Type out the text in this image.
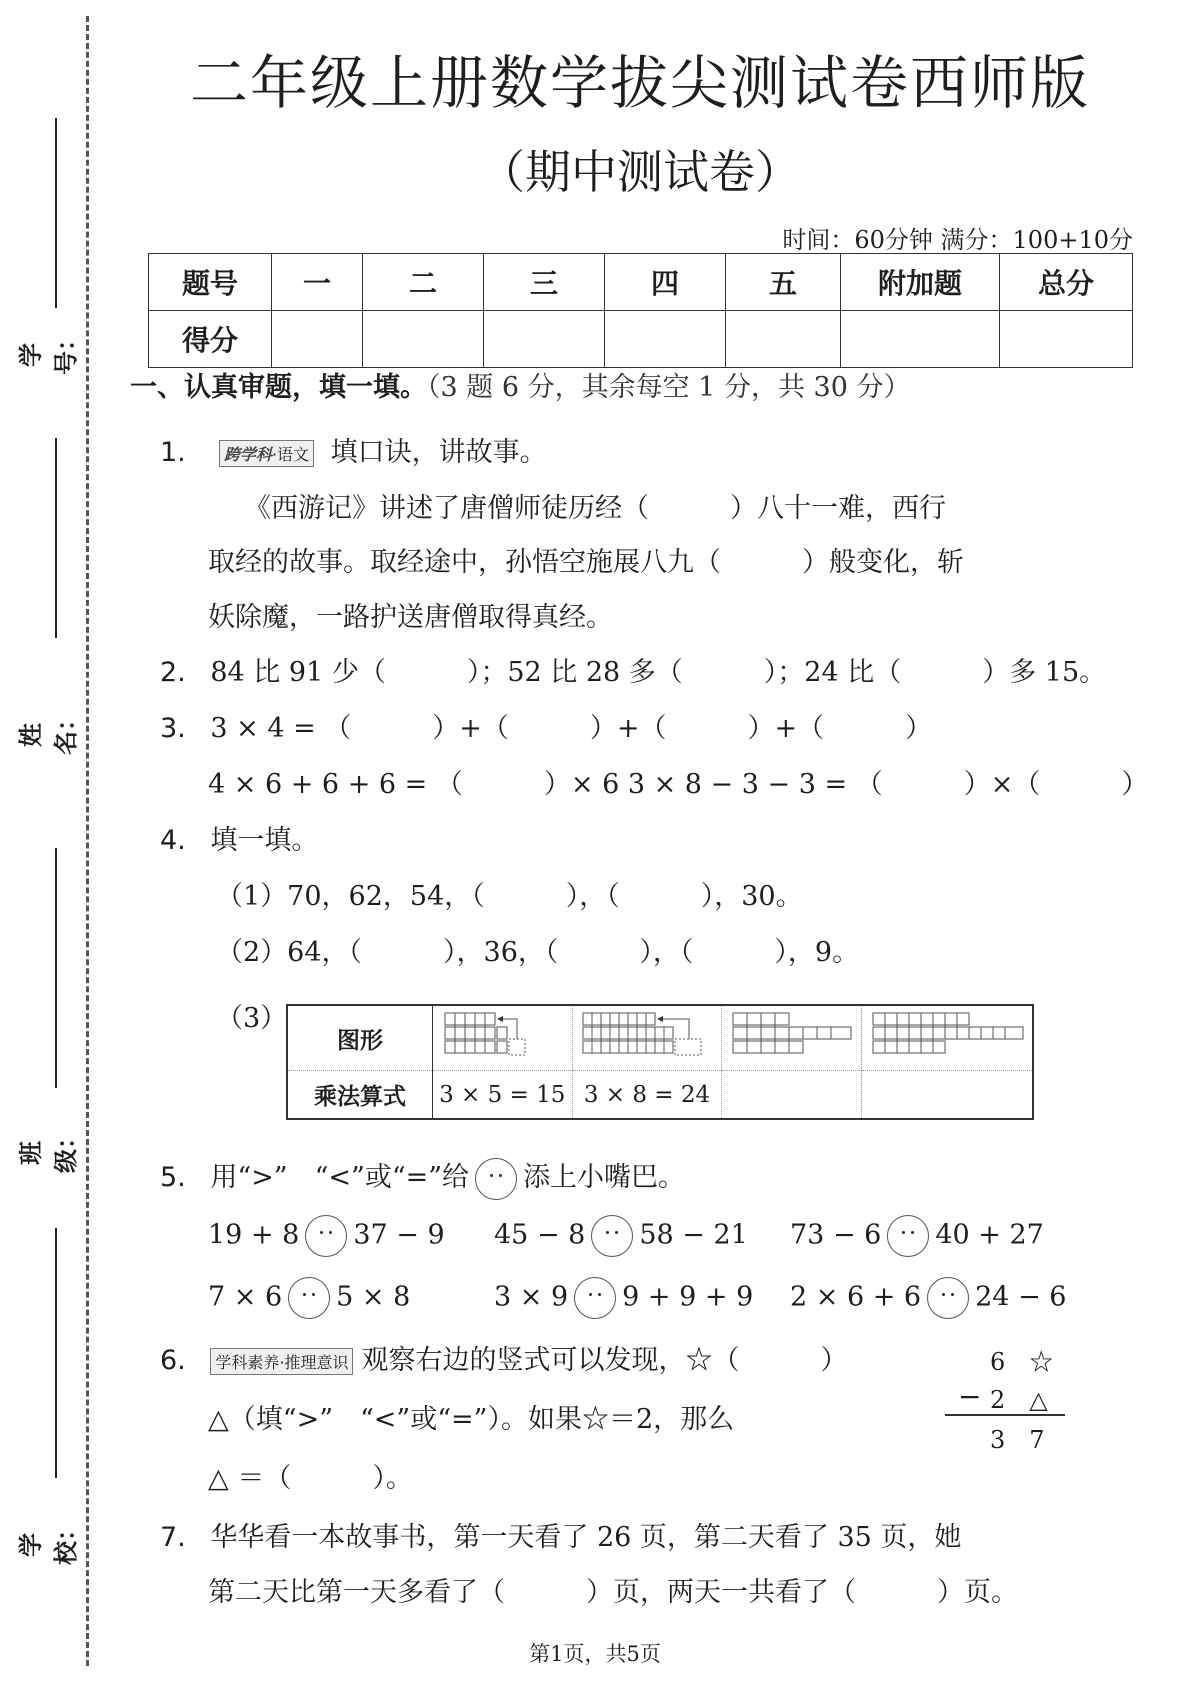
学号：
姓名：
班级：
学校：
二年级上册数学拔尖测试卷西师版
（期中测试卷）
时间：60分钟 满分：100+10分
题号	一	二	三	四	五	附加题	总分
得分							
一、认真审题，填一填。（3 题 6 分，其余每空 1 分，共 30 分）
1. 跨学科·语文 填口诀，讲故事。
《西游记》讲述了唐僧师徒历经（　　　）八十一难，西行
取经的故事。取经途中，孙悟空施展八九（　　　）般变化，斩
妖除魔，一路护送唐僧取得真经。
2. 84 比 91 少（　　　）；52 比 28 多（　　　）；24 比（　　　）多 15。
3. 3 × 4 = （　　　）+（　　　）+（　　　）+（　　　）
4 × 6 + 6 + 6 = （　　　）× 6 3 × 8 − 3 − 3 = （　　　）×（　　　）
4. 填一填。
（1）70，62，54，（　　　），（　　　），30。
（2）64，（　　　），36，（　　　），（　　　），9。
（3）
图形				
乘法算式	3 × 5 = 15	3 × 8 = 24		
5. 用“>”　“<”或“=”给 添上小嘴巴。
19 + 8 37 − 9 45 − 8 58 − 21 73 − 6 40 + 27
7 × 6 5 × 8	3 × 9 9 + 9 + 9 2 × 6 + 6 24 − 6
6. 学科素养·推理意识 观察右边的竖式可以发现，☆（　　　）
△（填“>”　“<”或“=”）。如果☆＝2，那么
△ ＝（　　　）。
6　☆
− 2　△
3　7
7. 华华看一本故事书，第一天看了 26 页，第二天看了 35 页，她
第二天比第一天多看了（　　　）页，两天一共看了（　　　）页。
第1页，共5页
